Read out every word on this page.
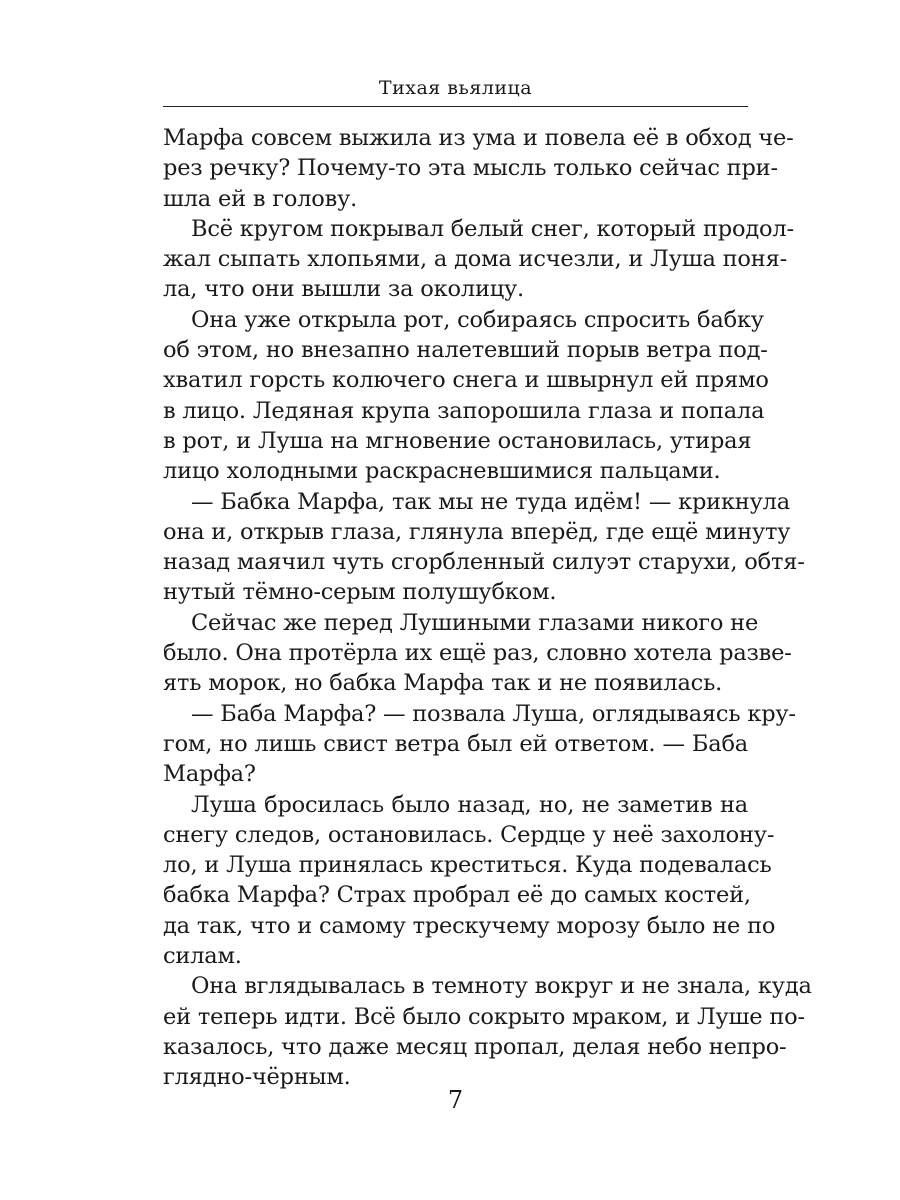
Тихая вьялица
Марфа совсем выжила из ума и повела её в обход че-
рез речку? Почему-то эта мысль только сейчас при-
шла ей в голову.
Всё кругом покрывал белый снег, который продол-
жал сыпать хлопьями, а дома исчезли, и Луша поня-
ла, что они вышли за околицу.
Она уже открыла рот, собираясь спросить бабку
об этом, но внезапно налетевший порыв ветра под-
хватил горсть колючего снега и швырнул ей прямо
в лицо. Ледяная крупа запорошила глаза и попала
в рот, и Луша на мгновение остановилась, утирая
лицо холодными раскрасневшимися пальцами.
— Бабка Марфа, так мы не туда идём! — крикнула
она и, открыв глаза, глянула вперёд, где ещё минуту
назад маячил чуть сгорбленный силуэт старухи, обтя-
нутый тёмно-серым полушубком.
Сейчас же перед Лушиными глазами никого не
было. Она протёрла их ещё раз, словно хотела разве-
ять морок, но бабка Марфа так и не появилась.
— Баба Марфа? — позвала Луша, оглядываясь кру-
гом, но лишь свист ветра был ей ответом. — Баба
Марфа?
Луша бросилась было назад, но, не заметив на
снегу следов, остановилась. Сердце у неё захолону-
ло, и Луша принялась креститься. Куда подевалась
бабка Марфа? Страх пробрал её до самых костей,
да так, что и самому трескучему морозу было не по
силам.
Она вглядывалась в темноту вокруг и не знала, куда
ей теперь идти. Всё было сокрыто мраком, и Луше по-
казалось, что даже месяц пропал, делая небо непро-
глядно-чёрным.
7
